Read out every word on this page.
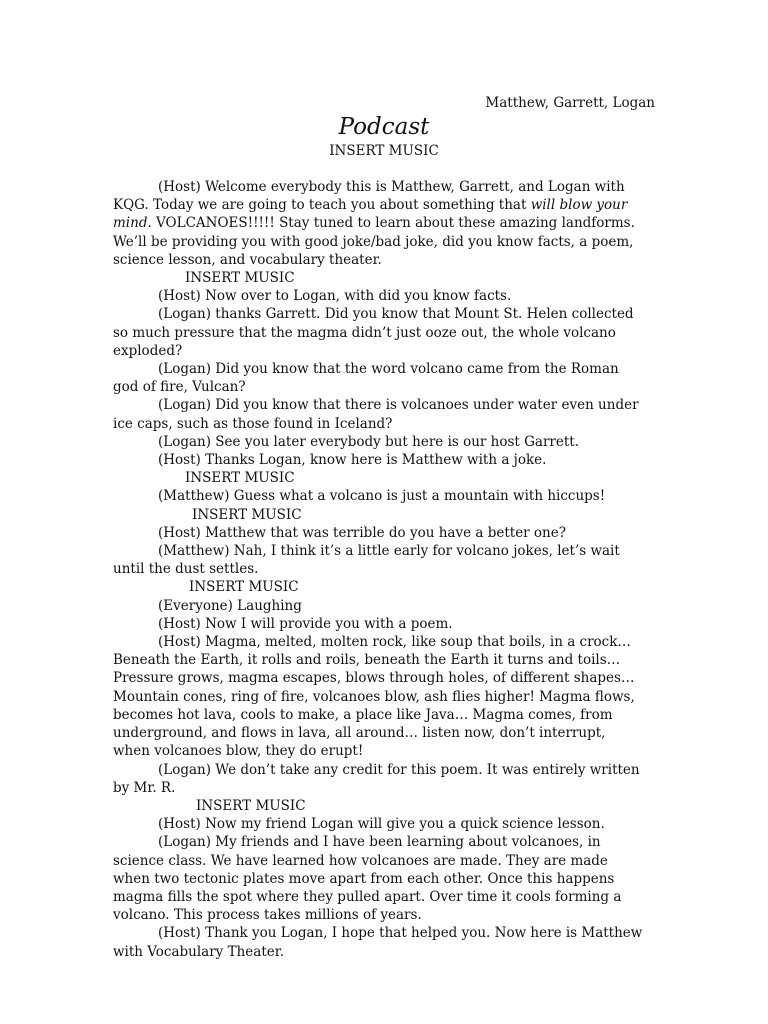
Matthew, Garrett, Logan
Podcast
INSERT MUSIC

(Host) Welcome everybody this is Matthew, Garrett, and Logan with KQG. Today we are going to teach you about something that will blow your mind. VOLCANOES!!!!! Stay tuned to learn about these amazing landforms. We’ll be providing you with good joke/bad joke, did you know facts, a poem, science lesson, and vocabulary theater.

INSERT MUSIC

(Host) Now over to Logan, with did you know facts.

(Logan) thanks Garrett. Did you know that Mount St. Helen collected so much pressure that the magma didn’t just ooze out, the whole volcano exploded?

(Logan) Did you know that the word volcano came from the Roman god of fire, Vulcan?

(Logan) Did you know that there is volcanoes under water even under ice caps, such as those found in Iceland?

(Logan) See you later everybody but here is our host Garrett.

(Host) Thanks Logan, know here is Matthew with a joke.

INSERT MUSIC

(Matthew) Guess what a volcano is just a mountain with hiccups!

INSERT MUSIC

(Host) Matthew that was terrible do you have a better one?

(Matthew) Nah, I think it’s a little early for volcano jokes, let’s wait until the dust settles.

INSERT MUSIC

(Everyone) Laughing

(Host) Now I will provide you with a poem.

(Host) Magma, melted, molten rock, like soup that boils, in a crock…Beneath the Earth, it rolls and roils, beneath the Earth it turns and toils… Pressure grows, magma escapes, blows through holes, of different shapes…Mountain cones, ring of fire, volcanoes blow, ash flies higher! Magma flows, becomes hot lava, cools to make, a place like Java… Magma comes, from underground, and flows in lava, all around… listen now, don’t interrupt, when volcanoes blow, they do erupt!

(Logan) We don’t take any credit for this poem. It was entirely written by Mr. R.

INSERT MUSIC

(Host) Now my friend Logan will give you a quick science lesson.

(Logan) My friends and I have been learning about volcanoes, in science class. We have learned how volcanoes are made. They are made when two tectonic plates move apart from each other. Once this happens magma fills the spot where they pulled apart. Over time it cools forming a volcano. This process takes millions of years.

(Host) Thank you Logan, I hope that helped you. Now here is Matthew with Vocabulary Theater.
